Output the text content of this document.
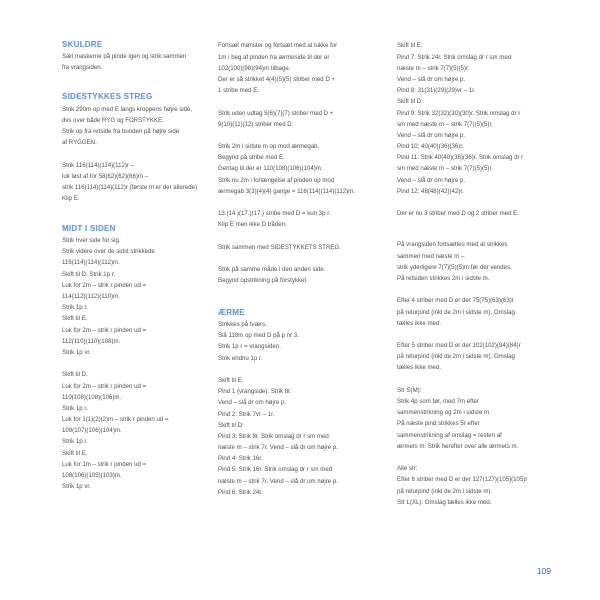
SKULDRE
Sæt maskerne på pinde igen og strik sammen
fra vrangsiden.
SIDESTYKKES STREG
Strik 290m op med E langs kroppens højre side,
dvs over både RYG og FORSTYKKE.
Strik op fra retside fra bunden på højre side
af RYGGEN.
Strik 116(114)(114)(112)r –
luk løst af for 58(62)(62)(66)m –
strik 116(114)(114)(112)r (første m er der allerede)
Klip E.
MIDT I SIDEN
Strik hver side for sig.
Strik videre over de sidst strikkede
116(114)(114)(112)m.
Skift til D. Strik 1p r.
Luk for 2m – strik r pinden ud =
114(112)(112)(110)m.
Strik 1p r.
Skift til E.
Luk for 2m – strik r pinden ud =
112(110)(110)(108)m.
Strik 1p vr.
Skift til D.
Luk for 2m – strik r pinden ud =
110(108)(108)(106)m.
Strik 1p r.
Luk for 1(1)(2)(2)m – strik r pinden ud =
109(107)(106)(104)m.
Strik 1p r.
Skift til E.
Luk for 1m – strik r pinden ud =
108(106)(105)(103)m.
Strik 1p vr.
Fortsæt mønster og fortsæt med at lukke for
1m i beg af pinden fra ærmeside til der er
102(100)(98)(94)m tilbage.
Der er så strikket 4(4)(5)(5) striber med D +
1 stribe med E.
Strik uden udtag 5(6)(7)(7) striber med D +
9(10)(11)(12) striber med D.
Strik 2m i sidste m op mod ærmegab.
Begynd på stribe med E.
Gentag til der er 110(108)(106)(104)m.
Strik nu 2m i forlængelse af pinden op mod
ærmegab 3(3)(4)(4) gange = 116(114)(114)(112)m.
13.(14.)(17.)(17.) stribe med D = kun 3p r.
Klip E men ikke D tråden.
Strik sammen med SIDESTYKKETS STREG.
Strik på samme måde i den anden side.
Begynd opstrikning på forstykket.
ÆRME
Strikkes på tværs.
Slå 118m op med D på p nr 3.
Strik 1p r = vrangsiden.
Strik endnu 1p r.
Skift til E:
Pind 1 (vrangside): Strik 8r.
Vend – slå dr om højre p.
Pind 2: Strik 7vr – 1r.
Skift til D:
Pind 3: Strik 8r. Strik omslag dr r sm med
næste m – strik 7r. Vend – slå dr om højre p.
Pind 4: Strik 16r.
Pind 5: Strik 16r. Strik omslag dr r sm med
næste m – strik 7r. Vend – slå dr om højre p.
Pind 6: Strik 24r.
Skift til E:
Pind 7: Strik 24r. Strik omslag dr r sm med
næste m – strik 7(7)(5)(5)r.
Vend – slå dr om højre p.
Pind 8: 31(31)(29)(29)vr – 1r.
Skift til D:
Pind 9: Strik 32(32)(30)(30)r. Strik omslag dr r
sm med næste m – strik 7(7)(5)(5)r.
Vend – slå dr om højre p.
Pind 10: 40(40)(36)(36)r.
Pind 11: Strik 40(40)(36)(36)r. Strik omslag dr r
sm med næste m – strik 7(7)(5)(5)r.
Vend – slå dr om højre p.
Pind 12: 48(48)(42)(42)r.
Der er nu 3 striber med D og 2 striber med E.
På vrangsiden fortsættes med at strikkes
sammen med næste m –
strik yderligere 7(7)(5)(5)m før der vendes.
På retsiden strikkes 2m i sidste m.
Efter 4 striber med D er der 75(75)(63)(63)r
på returpind (inkl de 2m i sidste m). Omslag
tælles ikke med.
Efter 5 striber med D er der 102(102)(84)(84)r
på returpind (inkl de 2m i sidste m). Omslag
tælles ikke med.
Str S(M):
Strik 4p som før, med 7m efter
sammenstrikning og 2m i sidste m.
På næste pind strikkes 5r efter
sammenstrikning af omslag = resten af
ærmets m. Strik herefter over alle ærmets m.
Alle str:
Efter 6 striber med D er der 127(127)(105)(105)r
på returpind (inkl de 2m i sidste m).
Str L(XL): Omslag tælles ikke med.
109
